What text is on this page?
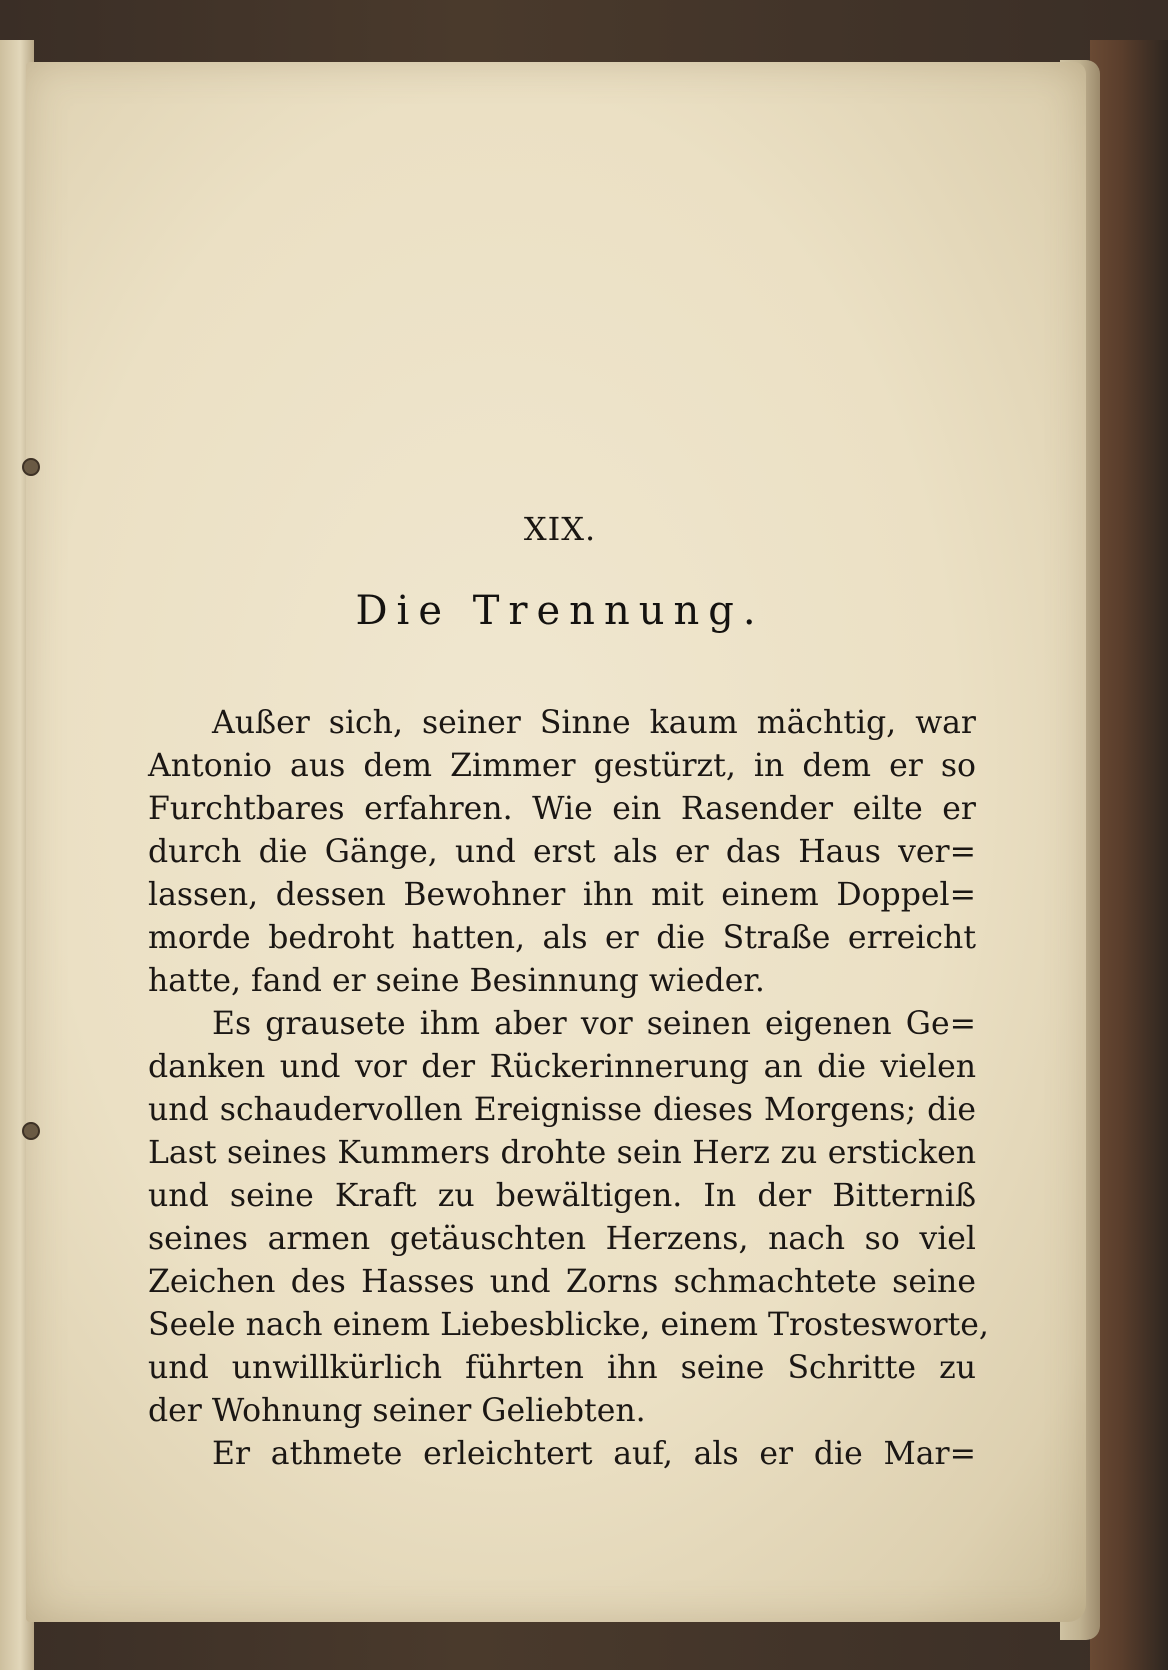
XIX.
Die Trennung.
Außer sich, seiner Sinne kaum mächtig, war
Antonio aus dem Zimmer gestürzt, in dem er so
Furchtbares erfahren. Wie ein Rasender eilte er
durch die Gänge, und erst als er das Haus ver=
lassen, dessen Bewohner ihn mit einem Doppel=
morde bedroht hatten, als er die Straße erreicht
hatte, fand er seine Besinnung wieder.
Es grausete ihm aber vor seinen eigenen Ge=
danken und vor der Rückerinnerung an die vielen
und schaudervollen Ereignisse dieses Morgens; die
Last seines Kummers drohte sein Herz zu ersticken
und seine Kraft zu bewältigen. In der Bitterniß
seines armen getäuschten Herzens, nach so viel
Zeichen des Hasses und Zorns schmachtete seine
Seele nach einem Liebesblicke, einem Trostesworte,
und unwillkürlich führten ihn seine Schritte zu
der Wohnung seiner Geliebten.
Er athmete erleichtert auf, als er die Mar=
